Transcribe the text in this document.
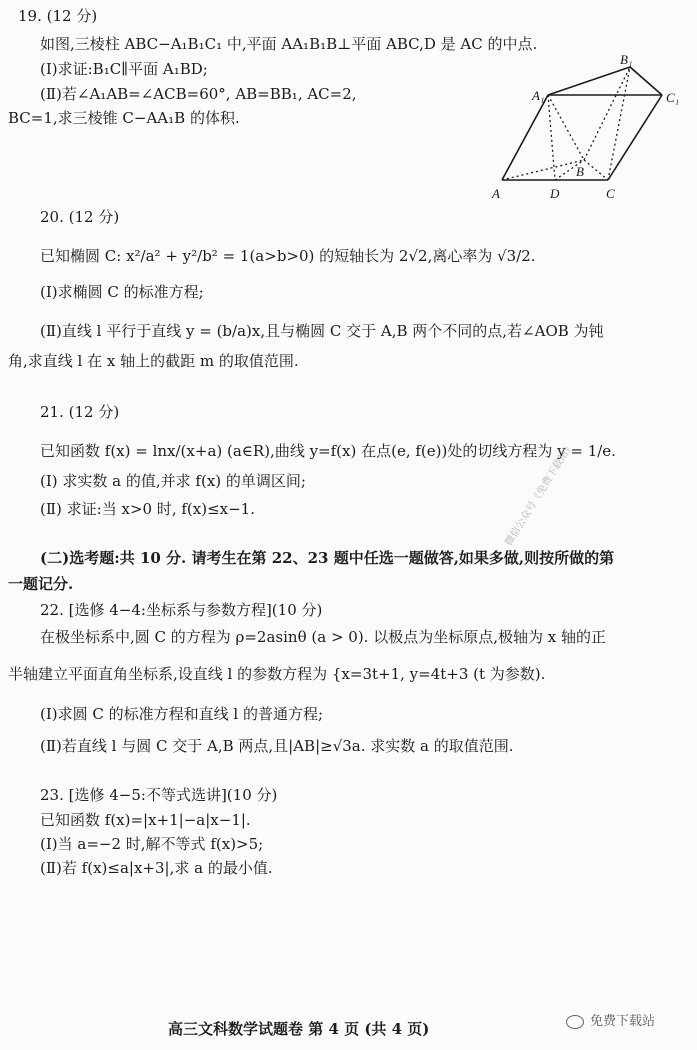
19. (12 分)
如图,三棱柱 ABC−A₁B₁C₁ 中,平面 AA₁B₁B⊥平面 ABC,D 是 AC 的中点.
(Ⅰ)求证:B₁C∥平面 A₁BD;
(Ⅱ)若∠A₁AB=∠ACB=60°, AB=BB₁, AC=2,
BC=1,求三棱锥 C−AA₁B 的体积.
A₁
B₁
C₁
A
B
D	C
20. (12 分)
已知椭圆 C: x²/a² + y²/b² = 1(a>b>0) 的短轴长为 2√2,离心率为 √3/2.
(Ⅰ)求椭圆 C 的标准方程;
(Ⅱ)直线 l 平行于直线 y = (b/a)x,且与椭圆 C 交于 A,B 两个不同的点,若∠AOB 为钝
角,求直线 l 在 x 轴上的截距 m 的取值范围.
21. (12 分)
已知函数 f(x) = lnx/(x+a) (a∈R),曲线 y=f(x) 在点(e, f(e))处的切线方程为 y = 1/e.
(Ⅰ) 求实数 a 的值,并求 f(x) 的单调区间;
(Ⅱ) 求证:当 x>0 时, f(x)≤x−1.
(二)选考题:共 10 分. 请考生在第 22、23 题中任选一题做答,如果多做,则按所做的第
一题记分.
22. [选修 4−4:坐标系与参数方程](10 分)
在极坐标系中,圆 C 的方程为 ρ=2asinθ (a > 0). 以极点为坐标原点,极轴为 x 轴的正
半轴建立平面直角坐标系,设直线 l 的参数方程为 {x=3t+1, y=4t+3 (t 为参数).
(Ⅰ)求圆 C 的标准方程和直线 l 的普通方程;
(Ⅱ)若直线 l 与圆 C 交于 A,B 两点,且|AB|≥√3a. 求实数 a 的取值范围.
23. [选修 4−5:不等式选讲](10 分)
已知函数 f(x)=|x+1|−a|x−1|.
(Ⅰ)当 a=−2 时,解不等式 f(x)>5;
(Ⅱ)若 f(x)≤a|x+3|,求 a 的最小值.
微信公众号《免费下载站》
高三文科数学试题卷 第 4 页 (共 4 页)	免费下载站
